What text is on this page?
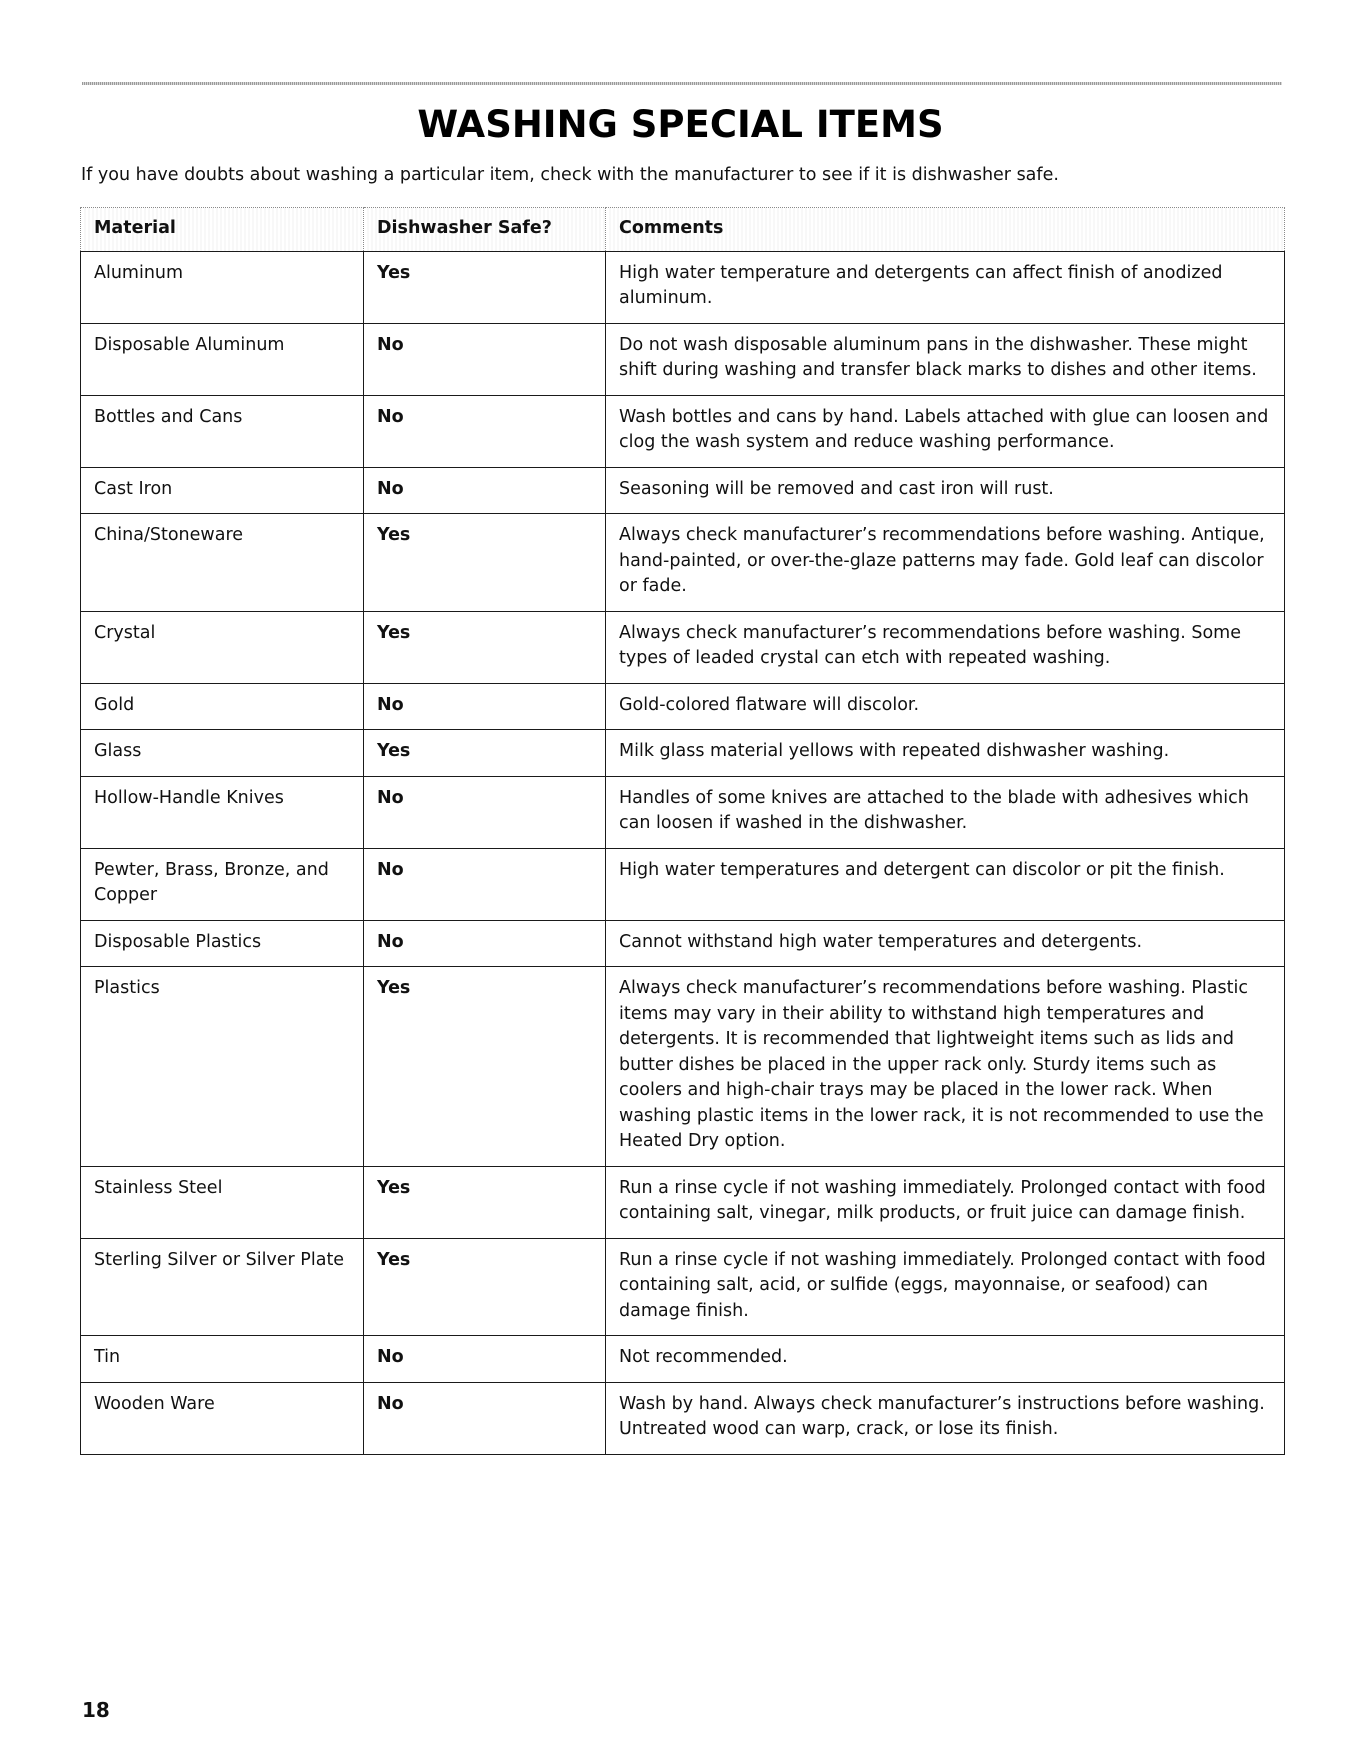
WASHING SPECIAL ITEMS

If you have doubts about washing a particular item, check with the manufacturer to see if it is dishwasher safe.

Material	Dishwasher Safe?	Comments
Aluminum	Yes	High water temperature and detergents can affect finish of anodized aluminum.
Disposable Aluminum	No	Do not wash disposable aluminum pans in the dishwasher. These might shift during washing and transfer black marks to dishes and other items.
Bottles and Cans	No	Wash bottles and cans by hand. Labels attached with glue can loosen and clog the wash system and reduce washing performance.
Cast Iron	No	Seasoning will be removed and cast iron will rust.
China/Stoneware	Yes	Always check manufacturer’s recommendations before washing. Antique, hand-painted, or over-the-glaze patterns may fade. Gold leaf can discolor or fade.
Crystal	Yes	Always check manufacturer’s recommendations before washing. Some types of leaded crystal can etch with repeated washing.
Gold	No	Gold-colored flatware will discolor.
Glass	Yes	Milk glass material yellows with repeated dishwasher washing.
Hollow-Handle Knives	No	Handles of some knives are attached to the blade with adhesives which can loosen if washed in the dishwasher.
Pewter, Brass, Bronze, and Copper	No	High water temperatures and detergent can discolor or pit the finish.
Disposable Plastics	No	Cannot withstand high water temperatures and detergents.
Plastics	Yes	Always check manufacturer’s recommendations before washing. Plastic items may vary in their ability to withstand high temperatures and detergents. It is recommended that lightweight items such as lids and butter dishes be placed in the upper rack only. Sturdy items such as coolers and high-chair trays may be placed in the lower rack. When washing plastic items in the lower rack, it is not recommended to use the Heated Dry option.
Stainless Steel	Yes	Run a rinse cycle if not washing immediately. Prolonged contact with food containing salt, vinegar, milk products, or fruit juice can damage finish.
Sterling Silver or Silver Plate	Yes	Run a rinse cycle if not washing immediately. Prolonged contact with food containing salt, acid, or sulfide (eggs, mayonnaise, or seafood) can damage finish.
Tin	No	Not recommended.
Wooden Ware	No	Wash by hand. Always check manufacturer’s instructions before washing. Untreated wood can warp, crack, or lose its finish.

18
